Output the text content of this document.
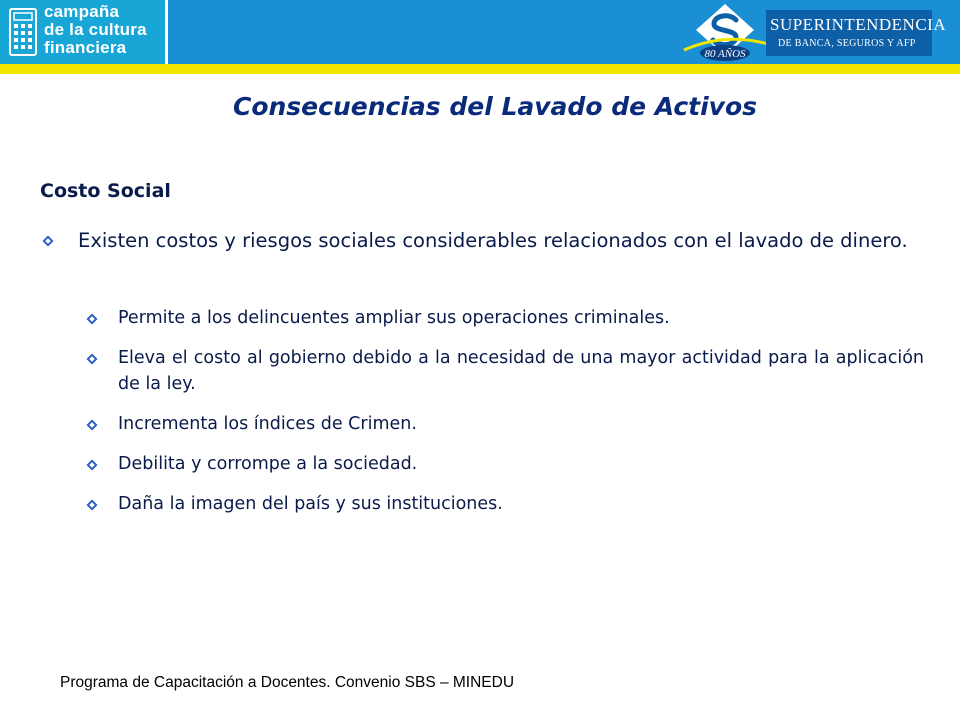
campaña
de la cultura
financiera	80 AÑOS
SUPERINTENDENCIA
DE BANCA, SEGUROS Y AFP
Consecuencias del Lavado de Activos
Costo Social
Existen costos y riesgos sociales considerables relacionados con el lavado de dinero.
Permite a los delincuentes ampliar sus operaciones criminales.
Eleva el costo al gobierno debido a la necesidad de una mayor actividad para la aplicación de la ley.
Incrementa los índices de Crimen.
Debilita y corrompe a la sociedad.
Daña la imagen del país y sus instituciones.
Programa de Capacitación a Docentes. Convenio SBS – MINEDU
